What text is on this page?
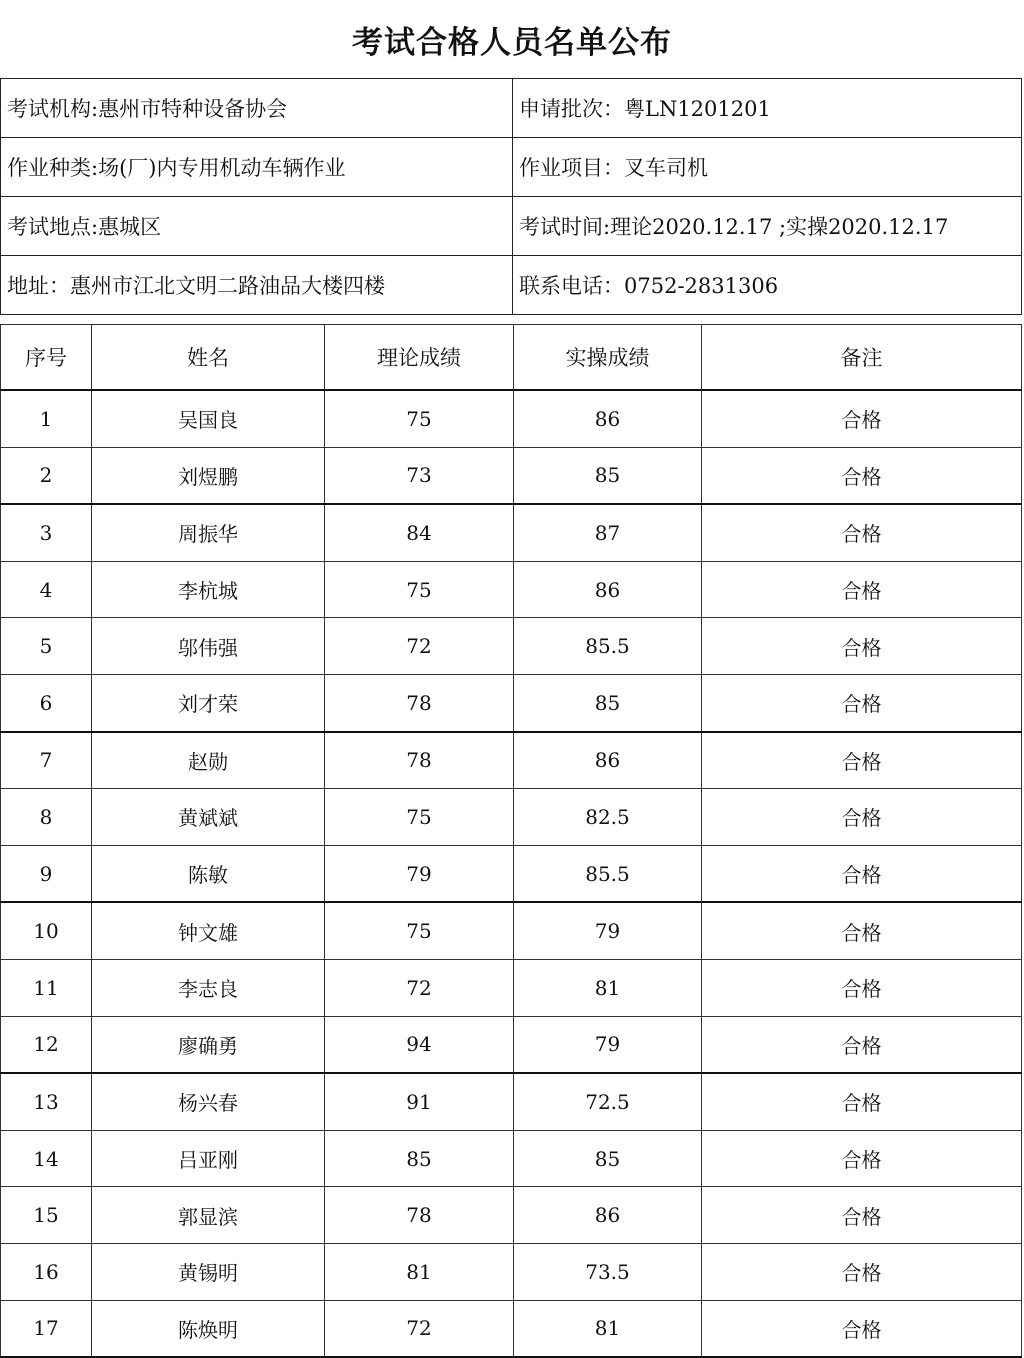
考试合格人员名单公布
考试机构:惠州市特种设备协会	申请批次：粤LN1201201
作业种类:场(厂)内专用机动车辆作业	作业项目：叉车司机
考试地点:惠城区	考试时间:理论2020.12.17 ;实操2020.12.17
地址：惠州市江北文明二路油品大楼四楼	联系电话：0752-2831306
序号	姓名	理论成绩	实操成绩	备注
1	吴国良	75	86	合格
2	刘煜鹏	73	85	合格
3	周振华	84	87	合格
4	李杭城	75	86	合格
5	邬伟强	72	85.5	合格
6	刘才荣	78	85	合格
7	赵勋	78	86	合格
8	黄斌斌	75	82.5	合格
9	陈敏	79	85.5	合格
10	钟文雄	75	79	合格
11	李志良	72	81	合格
12	廖确勇	94	79	合格
13	杨兴春	91	72.5	合格
14	吕亚刚	85	85	合格
15	郭显滨	78	86	合格
16	黄锡明	81	73.5	合格
17	陈焕明	72	81	合格
